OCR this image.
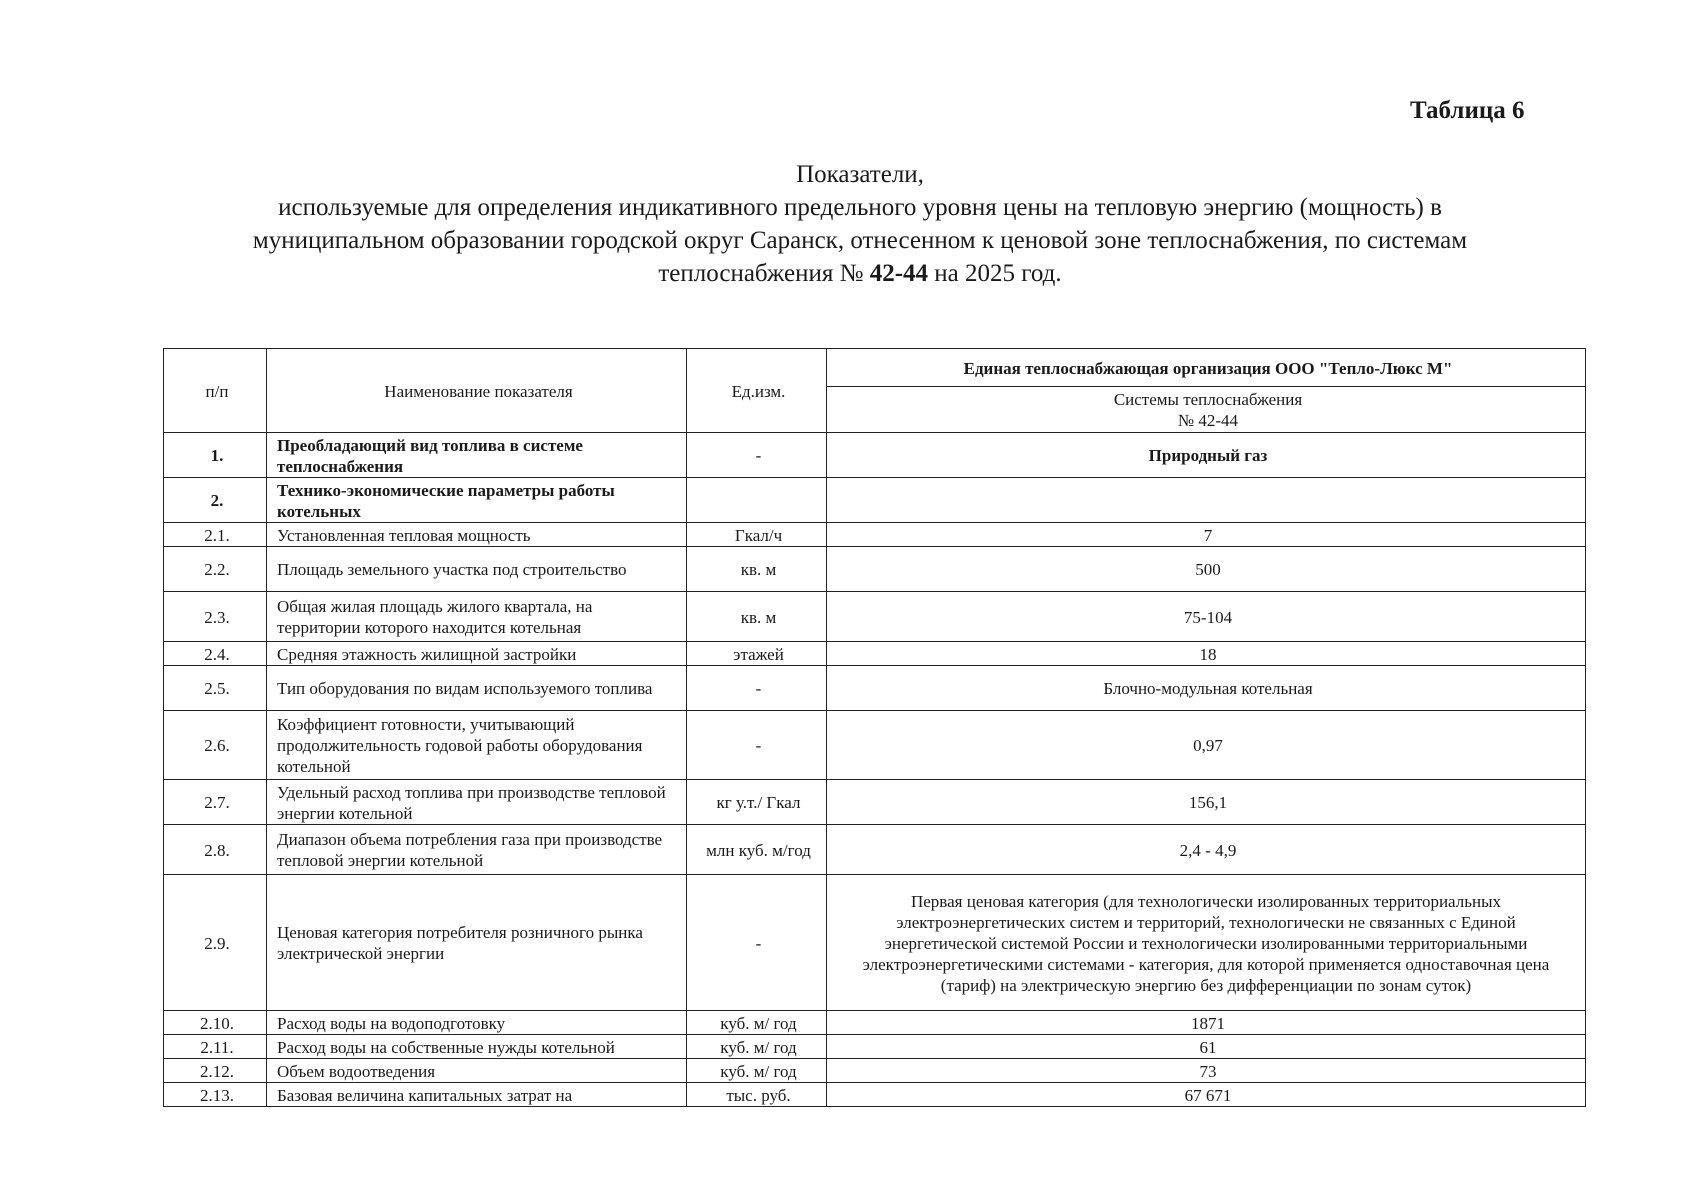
Таблица 6
Показатели,
используемые для определения индикативного предельного уровня цены на тепловую энергию (мощность) в
муниципальном образовании городской округ Саранск, отнесенном к ценовой зоне теплоснабжения, по системам
теплоснабжения № 42-44 на 2025 год.
п/п	Наименование показателя	Ед.изм.	Единая теплоснабжающая организация ООО "Тепло-Люкс М"

			Системы теплоснабжения
№ 42-44

1.	Преобладающий вид топлива в системе теплоснабжения	-	Природный газ
2.	Технико-экономические параметры работы котельных		
2.1.	Установленная тепловая мощность	Гкал/ч	7
2.2.	Площадь земельного участка под строительство	кв. м	500
2.3.	Общая жилая площадь жилого квартала, на территории которого находится котельная	кв. м	75-104
2.4.	Средняя этажность жилищной застройки	этажей	18
2.5.	Тип оборудования по видам используемого топлива	-	Блочно-модульная котельная
2.6.	Коэффициент готовности, учитывающий продолжительность годовой работы оборудования котельной	-	0,97
2.7.	Удельный расход топлива при производстве тепловой энергии котельной	кг у.т./ Гкал	156,1
2.8.	Диапазон объема потребления газа при производстве тепловой энергии котельной	млн куб. м/год	2,4 - 4,9
2.9.	Ценовая категория потребителя розничного рынка электрической энергии	-	Первая ценовая категория (для технологически изолированных территориальных электроэнергетических систем и территорий, технологически не связанных с Единой энергетической системой России и технологически изолированными территориальными электроэнергетическими системами - категория, для которой применяется одноставочная цена (тариф) на электрическую энергию без дифференциации по зонам суток)
2.10.	Расход воды на водоподготовку	куб. м/ год	1871
2.11.	Расход воды на собственные нужды котельной	куб. м/ год	61
2.12.	Объем водоотведения	куб. м/ год	73
2.13.	Базовая величина капитальных затрат на	тыс. руб.	67 671
